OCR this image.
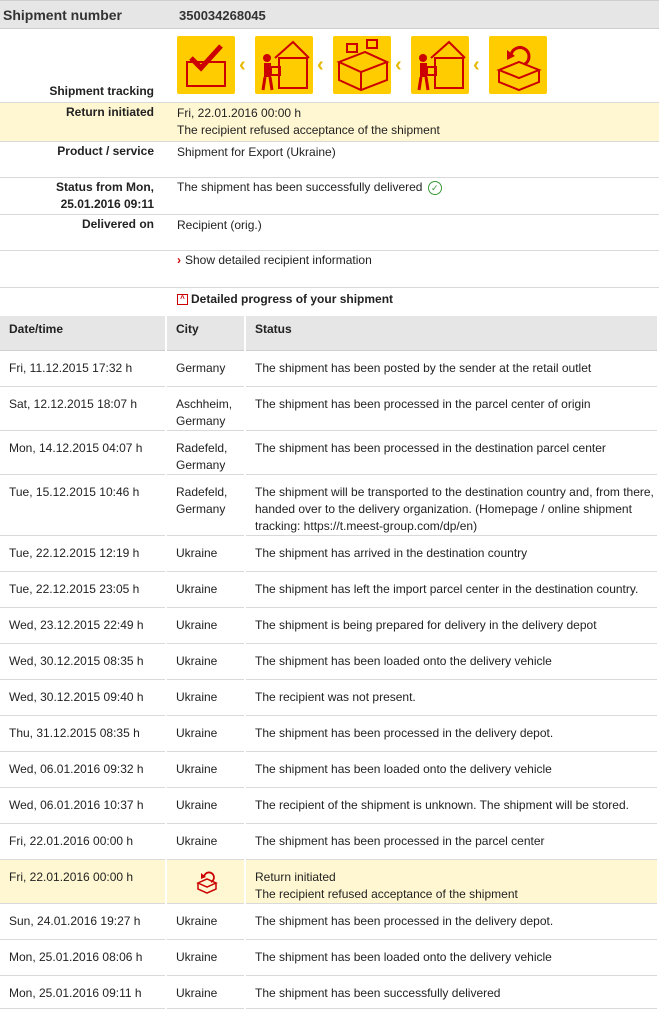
Shipment number	350034268045
Shipment tracking
‹	‹	‹	‹
Return initiated Fri, 22.01.2016 00:00 h
The recipient refused acceptance of the shipment
Product / service Shipment for Export (Ukraine)
Status from Mon,
25.01.2016 09:11
The shipment has been successfully delivered ✓
Delivered on Recipient (orig.)
› Show detailed recipient information
^ Detailed progress of your shipment
Date/time	City	Status
Fri, 11.12.2015 17:32 h	Germany	The shipment has been posted by the sender at the retail outlet
Sat, 12.12.2015 18:07 h	Aschheim, Germany	The shipment has been processed in the parcel center of origin
Mon, 14.12.2015 04:07 h	Radefeld, Germany	The shipment has been processed in the destination parcel center
Tue, 15.12.2015 10:46 h	Radefeld, Germany	The shipment will be transported to the destination country and, from there, handed over to the delivery organization. (Homepage / online shipment tracking: https://t.meest-group.com/dp/en)
Tue, 22.12.2015 12:19 h	Ukraine	The shipment has arrived in the destination country
Tue, 22.12.2015 23:05 h	Ukraine	The shipment has left the import parcel center in the destination country.
Wed, 23.12.2015 22:49 h	Ukraine	The shipment is being prepared for delivery in the delivery depot
Wed, 30.12.2015 08:35 h	Ukraine	The shipment has been loaded onto the delivery vehicle
Wed, 30.12.2015 09:40 h	Ukraine	The recipient was not present.
Thu, 31.12.2015 08:35 h	Ukraine	The shipment has been processed in the delivery depot.
Wed, 06.01.2016 09:32 h	Ukraine	The shipment has been loaded onto the delivery vehicle
Wed, 06.01.2016 10:37 h	Ukraine	The recipient of the shipment is unknown. The shipment will be stored.
Fri, 22.01.2016 00:00 h	Ukraine	The shipment has been processed in the parcel center
Fri, 22.01.2016 00:00 h		Return initiated
The recipient refused acceptance of the shipment

Sun, 24.01.2016 19:27 h	Ukraine	The shipment has been processed in the delivery depot.
Mon, 25.01.2016 08:06 h	Ukraine	The shipment has been loaded onto the delivery vehicle
Mon, 25.01.2016 09:11 h	Ukraine	The shipment has been successfully delivered
